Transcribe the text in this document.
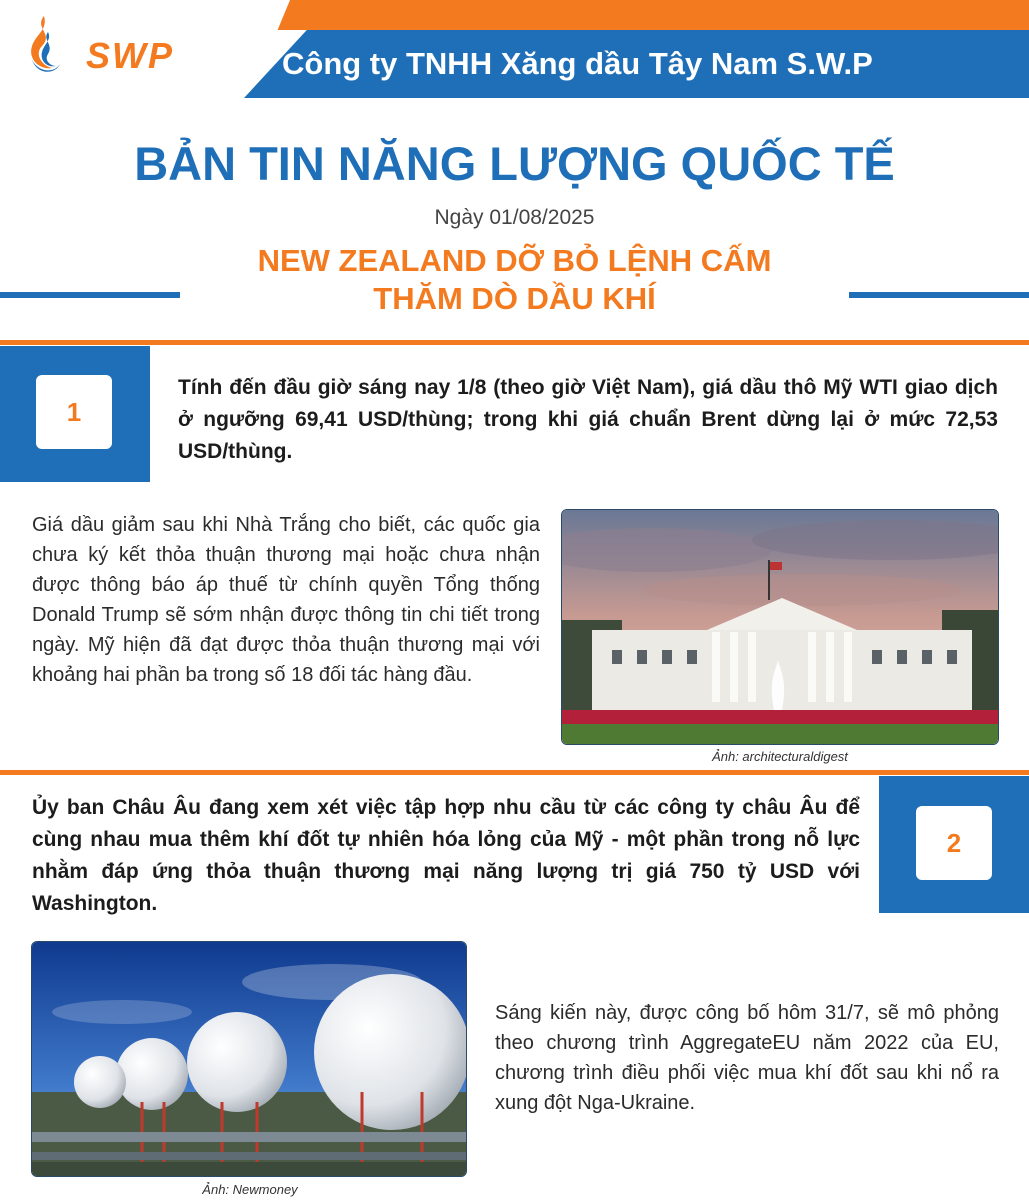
SWP	Công ty TNHH Xăng dầu Tây Nam S.W.P
BẢN TIN NĂNG LƯỢNG QUỐC TẾ
Ngày 01/08/2025
NEW ZEALAND DỠ BỎ LỆNH CẤM
THĂM DÒ DẦU KHÍ
1
Tính đến đầu giờ sáng nay 1/8 (theo giờ Việt Nam), giá dầu thô Mỹ WTI giao dịch ở ngưỡng 69,41 USD/thùng; trong khi giá chuẩn Brent dừng lại ở mức 72,53 USD/thùng.
Giá dầu giảm sau khi Nhà Trắng cho biết, các quốc gia chưa ký kết thỏa thuận thương mại hoặc chưa nhận được thông báo áp thuế từ chính quyền Tổng thống Donald Trump sẽ sớm nhận được thông tin chi tiết trong ngày. Mỹ hiện đã đạt được thỏa thuận thương mại với khoảng hai phần ba trong số 18 đối tác hàng đầu.
Ảnh: architecturaldigest
2
Ủy ban Châu Âu đang xem xét việc tập hợp nhu cầu từ các công ty châu Âu để cùng nhau mua thêm khí đốt tự nhiên hóa lỏng của Mỹ - một phần trong nỗ lực nhằm đáp ứng thỏa thuận thương mại năng lượng trị giá 750 tỷ USD với Washington.
Ảnh: Newmoney
Sáng kiến này, được công bố hôm 31/7, sẽ mô phỏng theo chương trình AggregateEU năm 2022 của EU, chương trình điều phối việc mua khí đốt sau khi nổ ra xung đột Nga-Ukraine.
